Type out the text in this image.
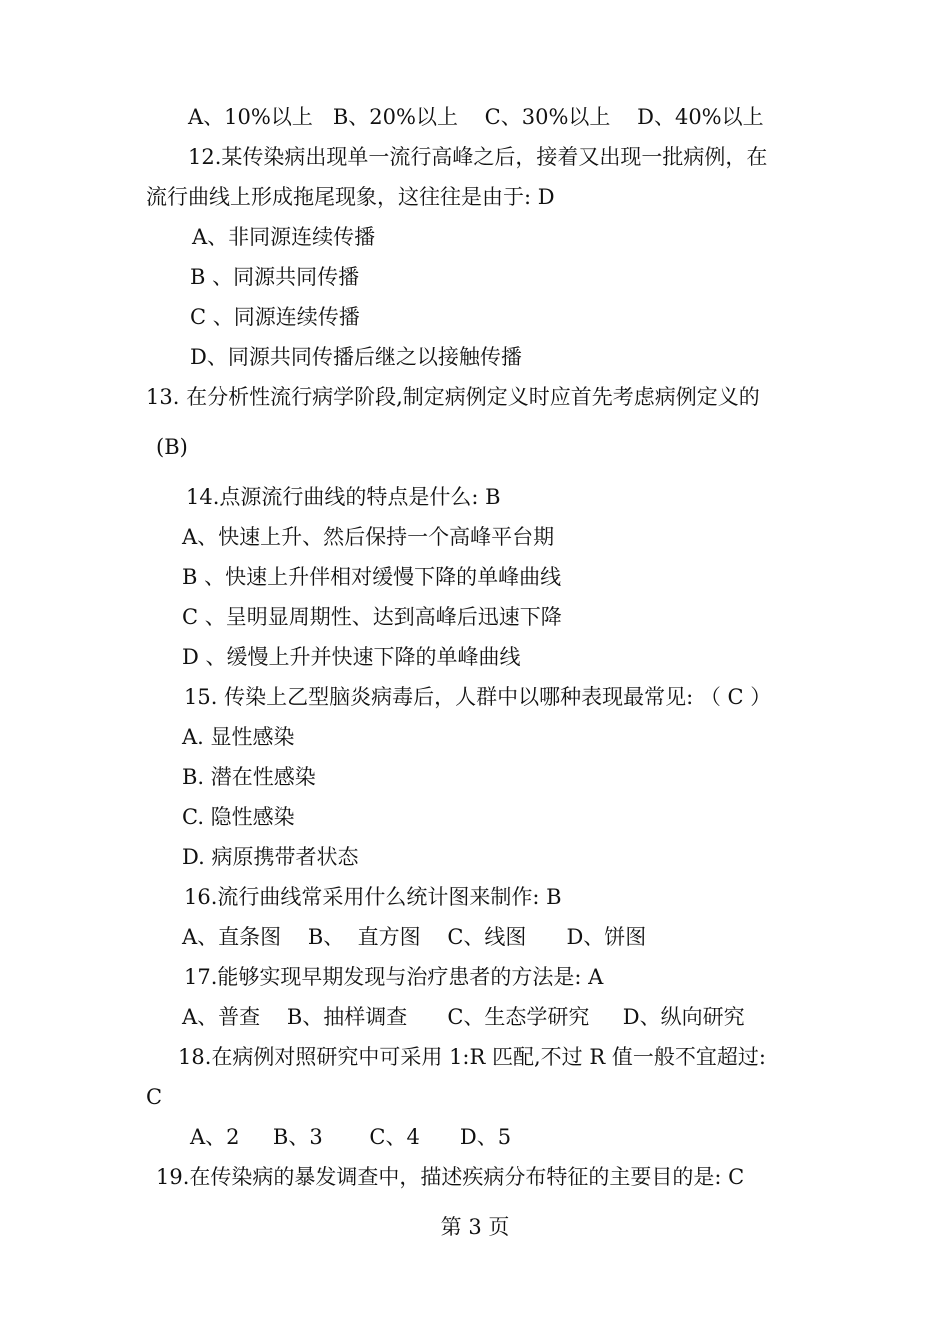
A、10%以上   B、20%以上    C、30%以上    D、40%以上
12.某传染病出现单一流行高峰之后，接着又出现一批病例，在
流行曲线上形成拖尾现象，这往往是由于: D
A、非同源连续传播
B 、同源共同传播
C 、同源连续传播
D、同源共同传播后继之以接触传播
13. 在分析性流行病学阶段,制定病例定义时应首先考虑病例定义的
(B)
14.点源流行曲线的特点是什么: B
A、快速上升、然后保持一个高峰平台期
B 、快速上升伴相对缓慢下降的单峰曲线
C 、呈明显周期性、达到高峰后迅速下降
D 、缓慢上升并快速下降的单峰曲线
15. 传染上乙型脑炎病毒后，人群中以哪种表现最常见: （ C ）
A. 显性感染
B. 潜在性感染
C. 隐性感染
D. 病原携带者状态
16.流行曲线常采用什么统计图来制作: B
A、直条图    B、  直方图    C、线图      D、饼图
17.能够实现早期发现与治疗患者的方法是: A
A、普查    B、抽样调查      C、生态学研究     D、纵向研究
18.在病例对照研究中可采用 1:R 匹配,不过 R 值一般不宜超过:
C
A、2     B、3       C、4      D、5
19.在传染病的暴发调查中，描述疾病分布特征的主要目的是: C
第 3 页
